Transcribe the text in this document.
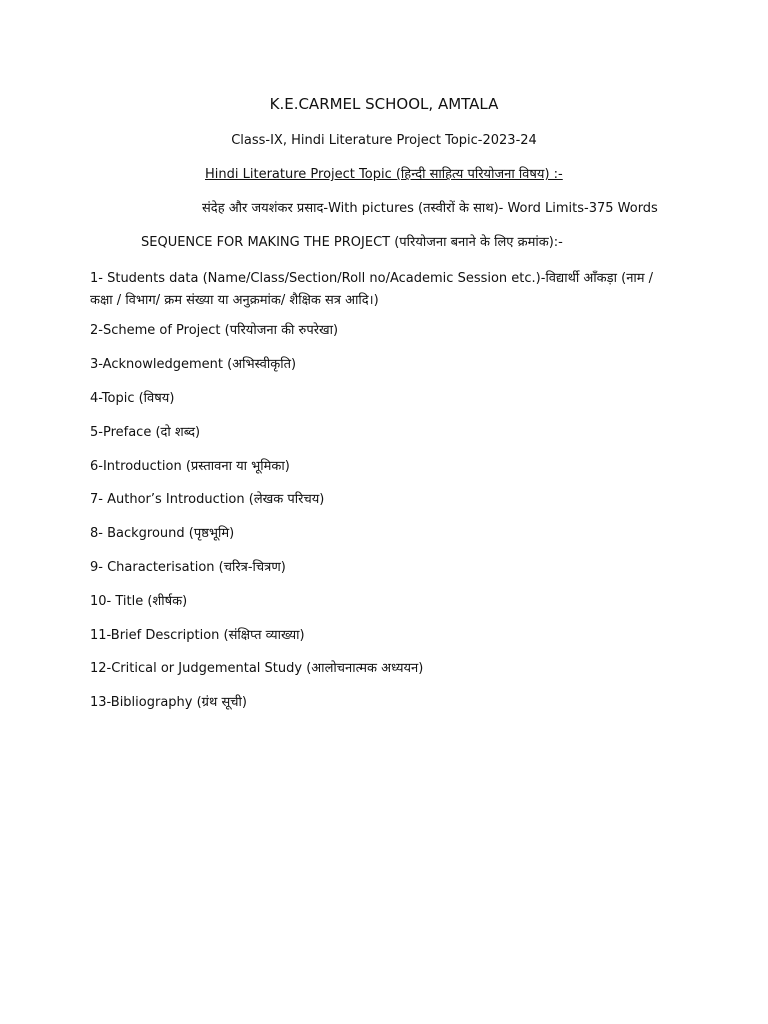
K.E.CARMEL SCHOOL, AMTALA
Class-IX, Hindi Literature Project Topic-2023-24
Hindi Literature Project Topic (हिन्दी साहित्य परियोजना विषय) :-
संदेह और जयशंकर प्रसाद-With pictures (तस्वीरों के साथ)- Word Limits-375 Words
SEQUENCE FOR MAKING THE PROJECT (परियोजना बनाने के लिए क्रमांक):-
1- Students data (Name/Class/Section/Roll no/Academic Session etc.)-विद्यार्थी आँकड़ा (नाम / कक्षा / विभाग/ क्रम संख्या या अनुक्रमांक/ शैक्षिक सत्र आदि।)
2-Scheme of Project (परियोजना की रुपरेखा)
3-Acknowledgement (अभिस्वीकृति)
4-Topic (विषय)
5-Preface (दो शब्द)
6-Introduction (प्रस्तावना या भूमिका)
7- Author’s Introduction (लेखक परिचय)
8- Background (पृष्ठभूमि)
9- Characterisation (चरित्र-चित्रण)
10- Title (शीर्षक)
11-Brief Description (संक्षिप्त व्याख्या)
12-Critical or Judgemental Study (आलोचनात्मक अध्ययन)
13-Bibliography (ग्रंथ सूची)
